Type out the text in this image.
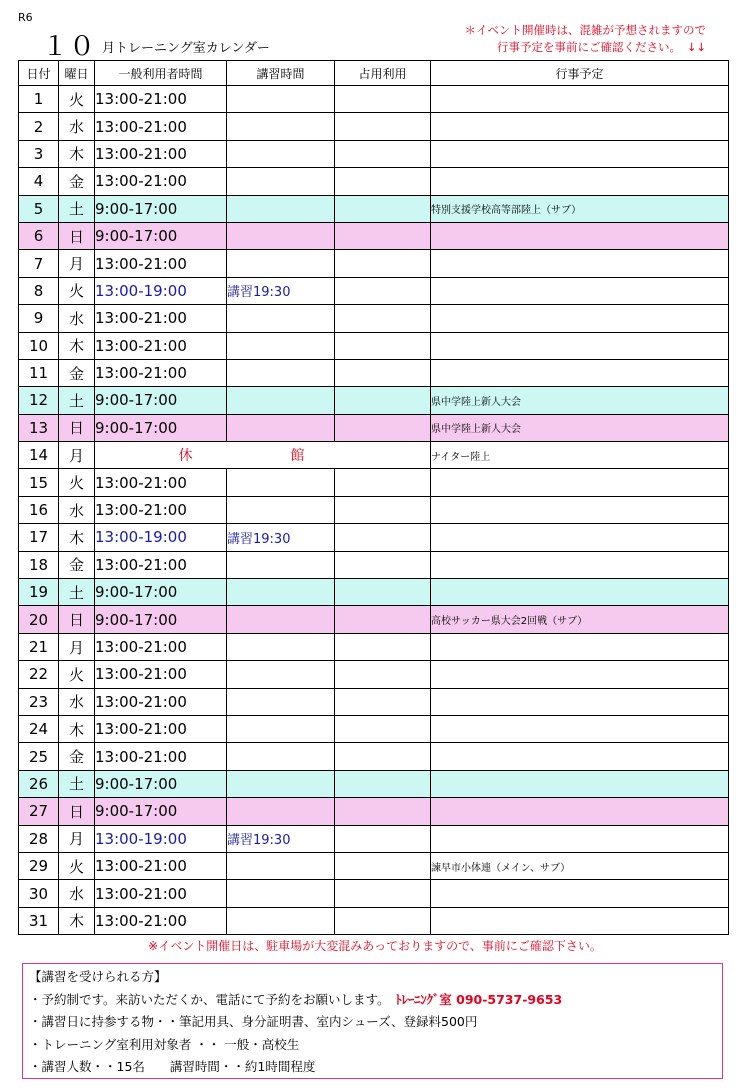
R6
１０ 月トレーニング室カレンダー
＊イベント開催時は、混雑が予想されますので
行事予定を事前にご確認ください。　↓↓
日付	曜日	一般利用者時間	講習時間	占用利用	行事予定
1	火	13:00-21:00			
2	水	13:00-21:00			
3	木	13:00-21:00			
4	金	13:00-21:00			
5	土	9:00-17:00			特別支援学校高等部陸上（サブ）
6	日	9:00-17:00			
7	月	13:00-21:00			
8	火	13:00-19:00	講習19:30		
9	水	13:00-21:00			
10	木	13:00-21:00			
11	金	13:00-21:00			
12	土	9:00-17:00			県中学陸上新人大会
13	日	9:00-17:00			県中学陸上新人大会
14	月	休　館			ナイター陸上
15	火	13:00-21:00			
16	水	13:00-21:00			
17	木	13:00-19:00	講習19:30		
18	金	13:00-21:00			
19	土	9:00-17:00			
20	日	9:00-17:00			高校サッカー県大会2回戦（サブ）
21	月	13:00-21:00			
22	火	13:00-21:00			
23	水	13:00-21:00			
24	木	13:00-21:00			
25	金	13:00-21:00			
26	土	9:00-17:00			
27	日	9:00-17:00			
28	月	13:00-19:00	講習19:30		
29	火	13:00-21:00			諫早市小体連（メイン、サブ）
30	水	13:00-21:00			
31	木	13:00-21:00			
※イベント開催日は、駐車場が大変混みあっておりますので、事前にご確認下さい。
【講習を受けられる方】
・予約制です。来訪いただくか、電話にて予約をお願いします。 ﾄﾚｰﾆﾝｸﾞ室 090-5737-9653
・講習日に持参する物・・筆記用具、身分証明書、室内シューズ、登録料500円
・トレーニング室利用対象者 ・・ 一般・高校生
・講習人数・・15名　　講習時間・・約1時間程度
